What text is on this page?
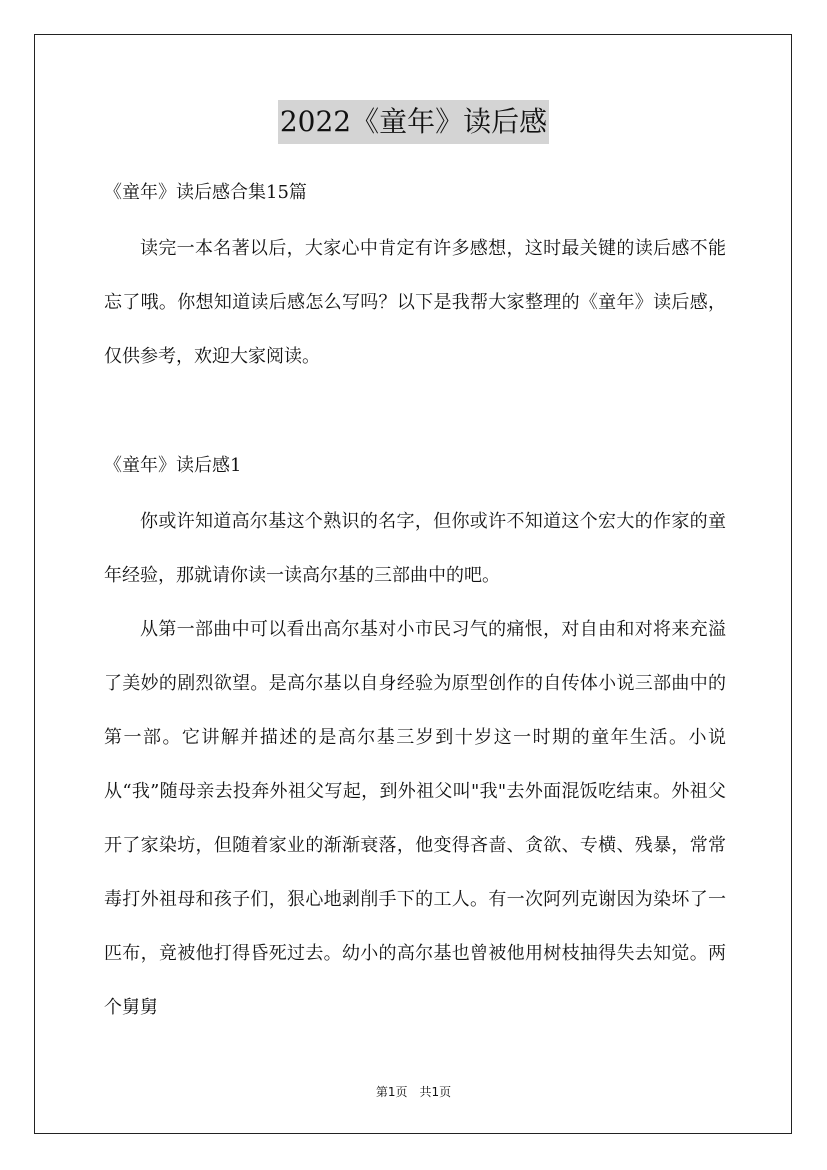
2022《童年》读后感

《童年》读后感合集15篇

读完一本名著以后，大家心中肯定有许多感想，这时最关键的读后感不能忘了哦。你想知道读后感怎么写吗？以下是我帮大家整理的《童年》读后感，仅供参考，欢迎大家阅读。

《童年》读后感1

你或许知道高尔基这个熟识的名字，但你或许不知道这个宏大的作家的童年经验，那就请你读一读高尔基的三部曲中的吧。

从第一部曲中可以看出高尔基对小市民习气的痛恨，对自由和对将来充溢了美妙的剧烈欲望。是高尔基以自身经验为原型创作的自传体小说三部曲中的第一部。它讲解并描述的是高尔基三岁到十岁这一时期的童年生活。小说从“我”随母亲去投奔外祖父写起，到外祖父叫"我"去外面混饭吃结束。外祖父开了家染坊，但随着家业的渐渐衰落，他变得吝啬、贪欲、专横、残暴，常常毒打外祖母和孩子们，狠心地剥削手下的工人。有一次阿列克谢因为染坏了一匹布，竟被他打得昏死过去。幼小的高尔基也曾被他用树枝抽得失去知觉。两个舅舅

第1页　共1页
